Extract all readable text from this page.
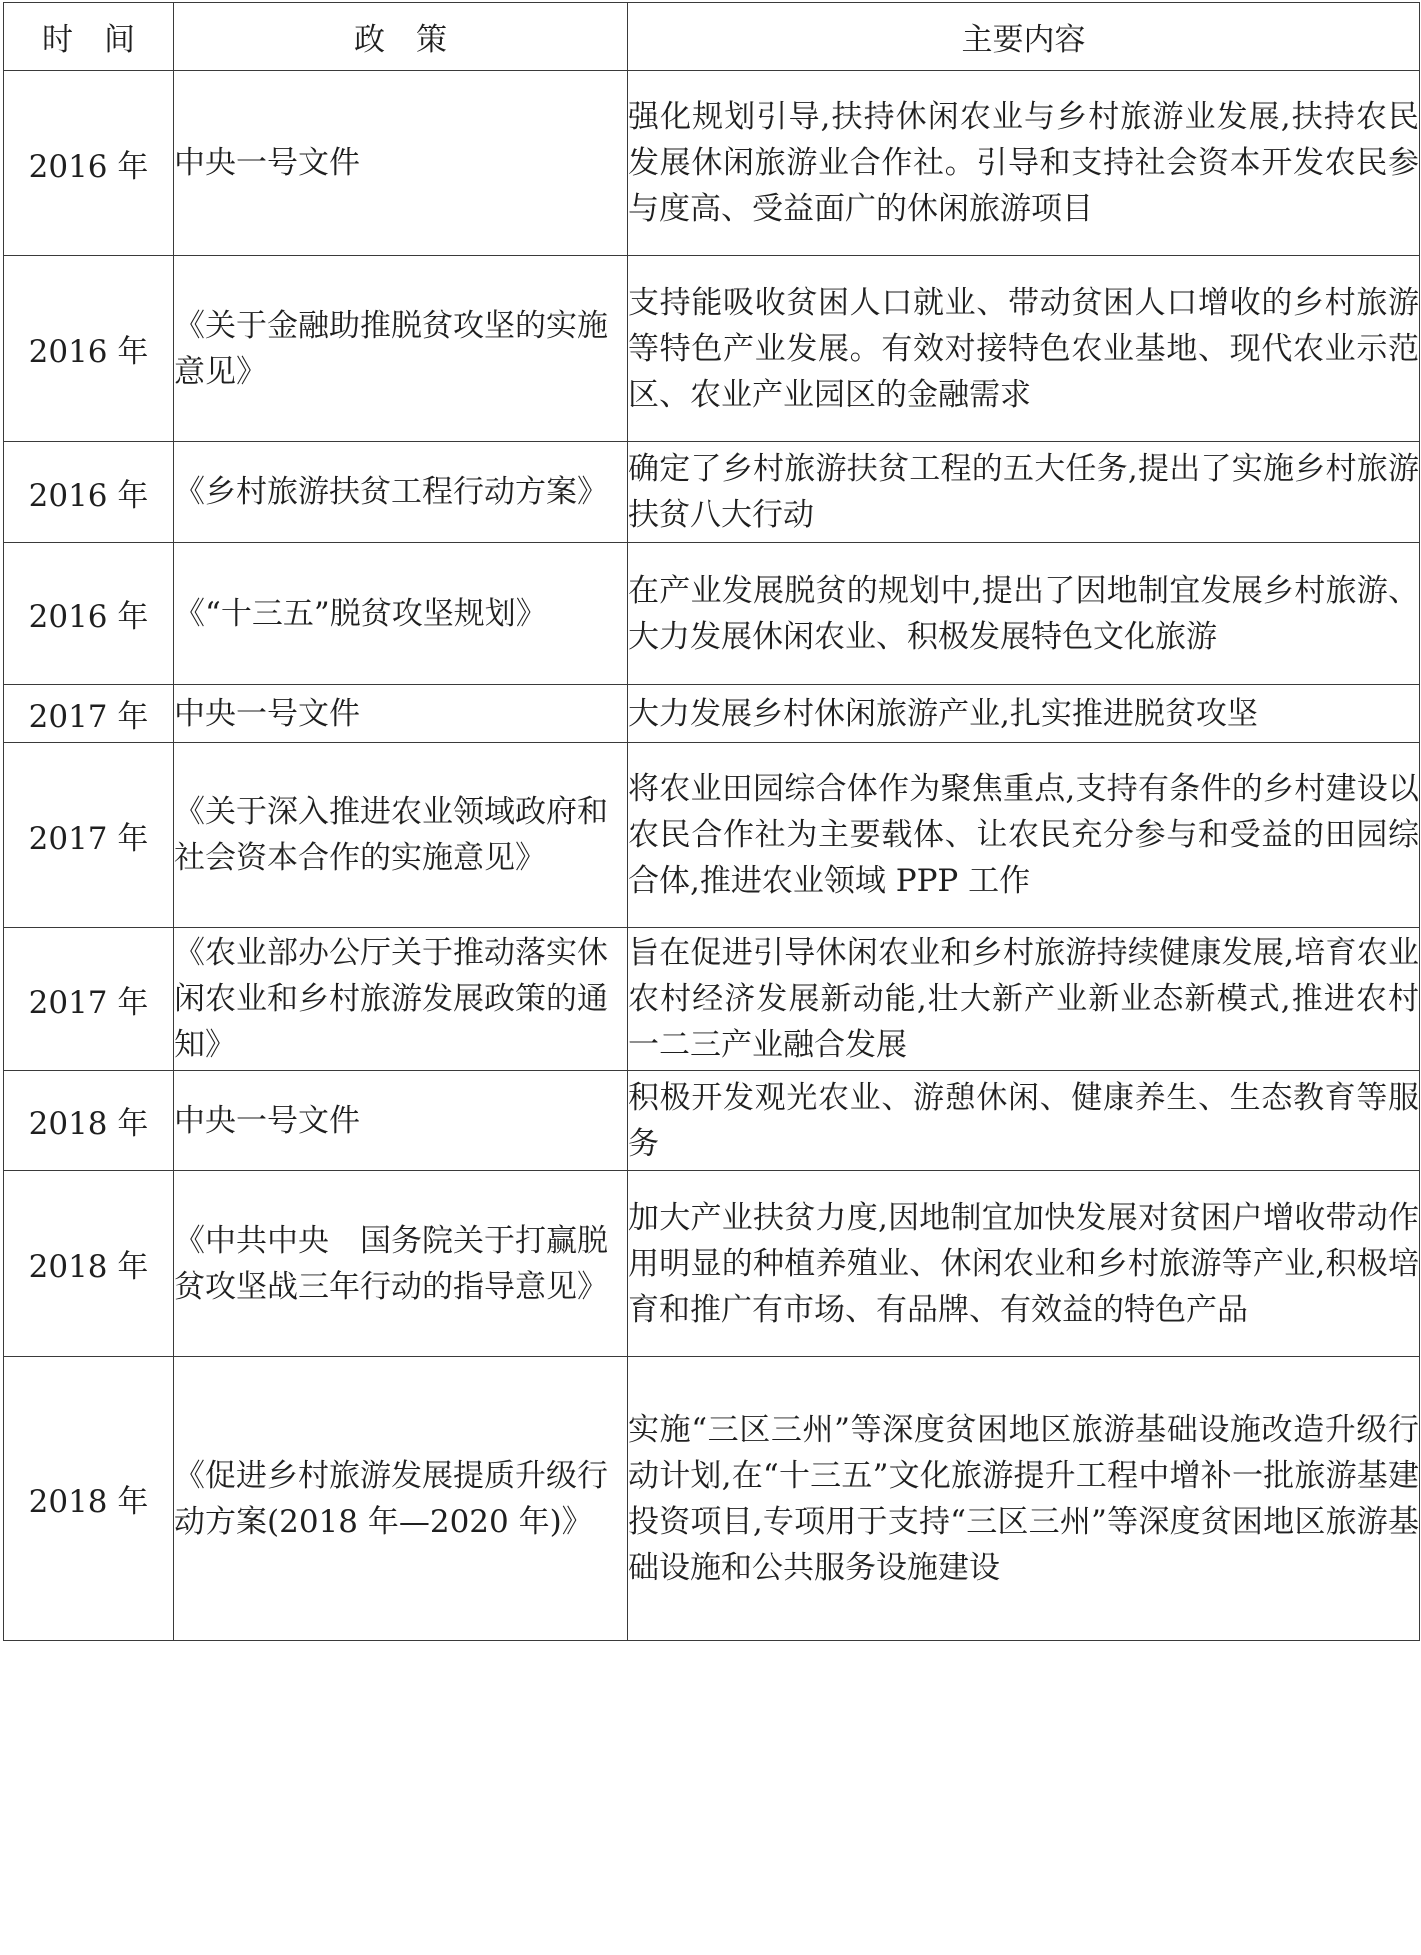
时　间	政　策	主要内容
2016 年	中央一号文件	强化规划引导,扶持休闲农业与乡村旅游业发展,扶持农民发展休闲旅游业合作社。引导和支持社会资本开发农民参与度高、受益面广的休闲旅游项目
2016 年	《关于金融助推脱贫攻坚的实施意见》	支持能吸收贫困人口就业、带动贫困人口增收的乡村旅游等特色产业发展。有效对接特色农业基地、现代农业示范区、农业产业园区的金融需求
2016 年	《乡村旅游扶贫工程行动方案》	确定了乡村旅游扶贫工程的五大任务,提出了实施乡村旅游扶贫八大行动
2016 年	《“十三五”脱贫攻坚规划》	在产业发展脱贫的规划中,提出了因地制宜发展乡村旅游、大力发展休闲农业、积极发展特色文化旅游
2017 年	中央一号文件	大力发展乡村休闲旅游产业,扎实推进脱贫攻坚
2017 年	《关于深入推进农业领域政府和社会资本合作的实施意见》	将农业田园综合体作为聚焦重点,支持有条件的乡村建设以农民合作社为主要载体、让农民充分参与和受益的田园综合体,推进农业领域 PPP 工作
2017 年	《农业部办公厅关于推动落实休闲农业和乡村旅游发展政策的通知》	旨在促进引导休闲农业和乡村旅游持续健康发展,培育农业农村经济发展新动能,壮大新产业新业态新模式,推进农村一二三产业融合发展
2018 年	中央一号文件	积极开发观光农业、游憩休闲、健康养生、生态教育等服务
2018 年	《中共中央　国务院关于打赢脱贫攻坚战三年行动的指导意见》	加大产业扶贫力度,因地制宜加快发展对贫困户增收带动作用明显的种植养殖业、休闲农业和乡村旅游等产业,积极培育和推广有市场、有品牌、有效益的特色产品
2018 年	《促进乡村旅游发展提质升级行动方案(2018 年—2020 年)》	实施“三区三州”等深度贫困地区旅游基础设施改造升级行动计划,在“十三五”文化旅游提升工程中增补一批旅游基建投资项目,专项用于支持“三区三州”等深度贫困地区旅游基础设施和公共服务设施建设
